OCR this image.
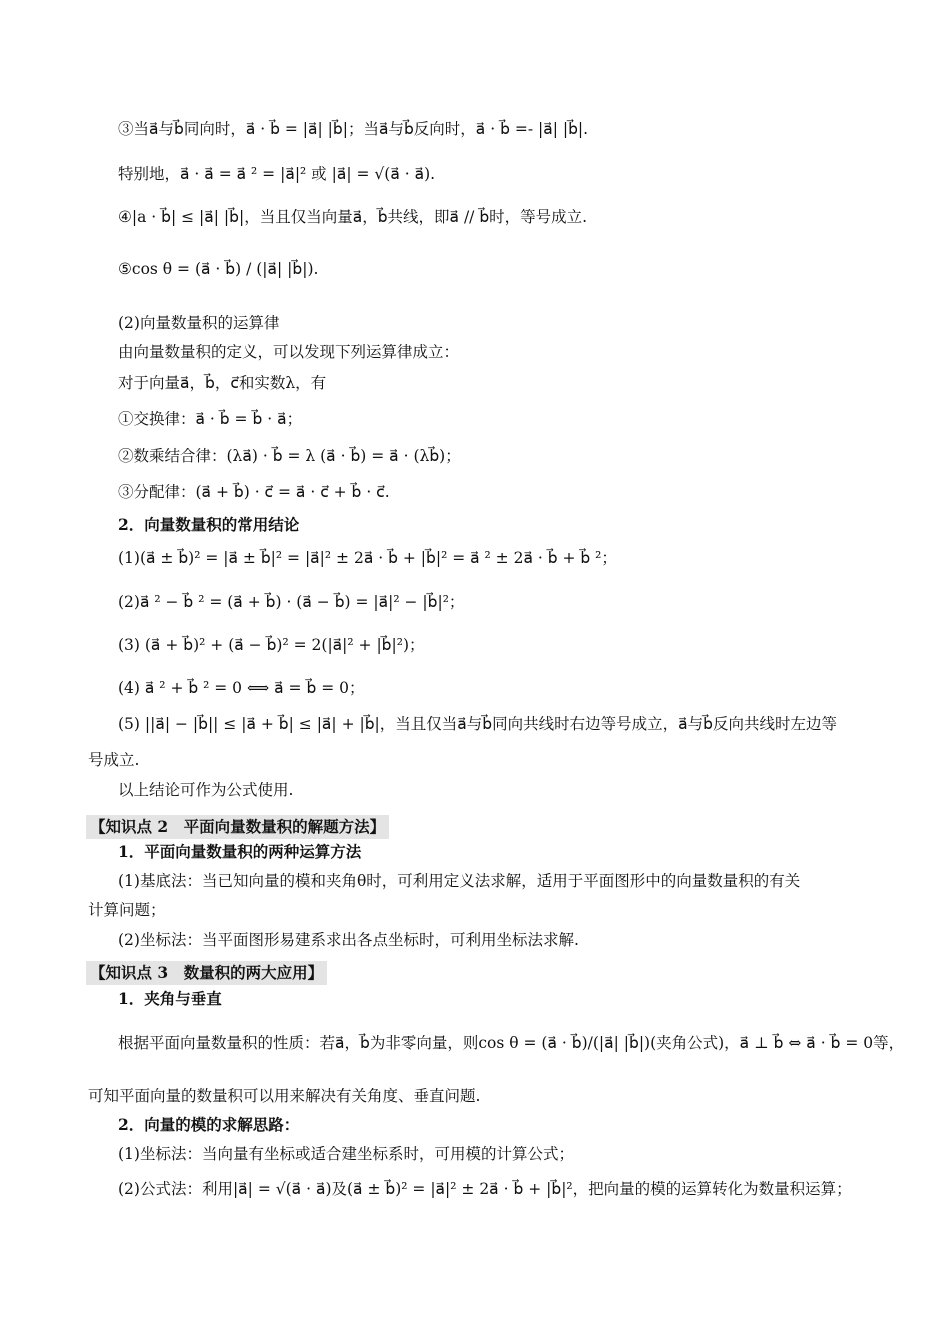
③当a⃗与b⃗同向时，a⃗ · b⃗ = |a⃗| |b⃗|；当a⃗与b⃗反向时，a⃗ · b⃗ =- |a⃗| |b⃗|.
特别地，a⃗ · a⃗ = a⃗ ² = |a⃗|² 或 |a⃗| = √(a⃗ · a⃗).
④|a · b⃗| ≤ |a⃗| |b⃗|，当且仅当向量a⃗，b⃗共线，即a⃗ // b⃗时，等号成立.
⑤cos θ = (a⃗ · b⃗) / (|a⃗| |b⃗|).
(2)向量数量积的运算律
由向量数量积的定义，可以发现下列运算律成立：
对于向量a⃗，b⃗，c⃗和实数λ，有
①交换律：a⃗ · b⃗ = b⃗ · a⃗；
②数乘结合律：(λa⃗) · b⃗ = λ (a⃗ · b⃗) = a⃗ · (λb⃗)；
③分配律：(a⃗ + b⃗) · c⃗ = a⃗ · c⃗ + b⃗ · c⃗.
2．向量数量积的常用结论
(1)(a⃗ ± b⃗)² = |a⃗ ± b⃗|² = |a⃗|² ± 2a⃗ · b⃗ + |b⃗|² = a⃗ ² ± 2a⃗ · b⃗ + b⃗ ²；
(2)a⃗ ² − b⃗ ² = (a⃗ + b⃗) · (a⃗ − b⃗) = |a⃗|² − |b⃗|²；
(3) (a⃗ + b⃗)² + (a⃗ − b⃗)² = 2(|a⃗|² + |b⃗|²)；
(4) a⃗ ² + b⃗ ² = 0 ⟺ a⃗ = b⃗ = 0；
(5) ||a⃗| − |b⃗|| ≤ |a⃗ + b⃗| ≤ |a⃗| + |b⃗|，当且仅当a⃗与b⃗同向共线时右边等号成立，a⃗与b⃗反向共线时左边等
号成立.
以上结论可作为公式使用.
【知识点 2　平面向量数量积的解题方法】
1．平面向量数量积的两种运算方法
(1)基底法：当已知向量的模和夹角θ时，可利用定义法求解，适用于平面图形中的向量数量积的有关
计算问题；
(2)坐标法：当平面图形易建系求出各点坐标时，可利用坐标法求解.
【知识点 3　数量积的两大应用】
1．夹角与垂直
根据平面向量数量积的性质：若a⃗，b⃗为非零向量，则cos θ = (a⃗ · b⃗)/(|a⃗| |b⃗|)(夹角公式)，a⃗ ⊥ b⃗ ⇔ a⃗ · b⃗ = 0等，
可知平面向量的数量积可以用来解决有关角度、垂直问题.
2．向量的模的求解思路：
(1)坐标法：当向量有坐标或适合建坐标系时，可用模的计算公式；
(2)公式法：利用|a⃗| = √(a⃗ · a⃗)及(a⃗ ± b⃗)² = |a⃗|² ± 2a⃗ · b⃗ + |b⃗|²，把向量的模的运算转化为数量积运算；
